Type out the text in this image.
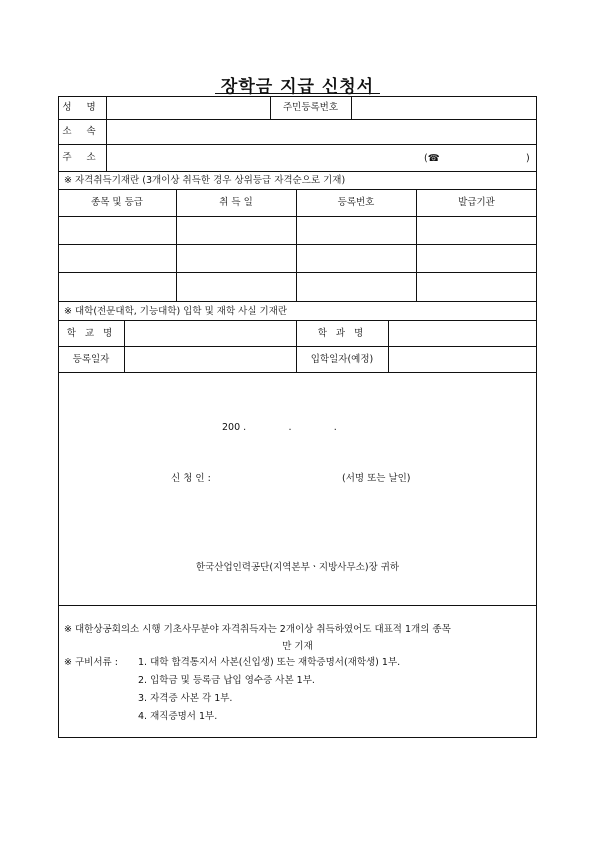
장학금 지급 신청서
성 명	주민등록번호
소 속
주 소	(☎	)
※ 자격취득기재란 (3개이상 취득한 경우 상위등급 자격순으로 기재)
종목 및 등급	취 득 일	등록번호	발급기관
※ 대학(전문대학, 기능대학) 입학 및 재학 사실 기재란
학 교 명	학 과 명
등록일자	입학일자(예정)
200 .              .              .
신 청 인 :	(서명 또는 날인)
한국산업인력공단(지역본부ㆍ지방사무소)장 귀하
※ 대한상공회의소 시행 기초사무분야 자격취득자는 2개이상 취득하였어도 대표적 1개의 종목
만 기재
※ 구비서류 : 1. 대학 합격통지서 사본(신입생) 또는 재학증명서(재학생) 1부.
2. 입학금 및 등록금 납입 영수증 사본 1부.
3. 자격증 사본 각 1부.
4. 재직증명서 1부.
